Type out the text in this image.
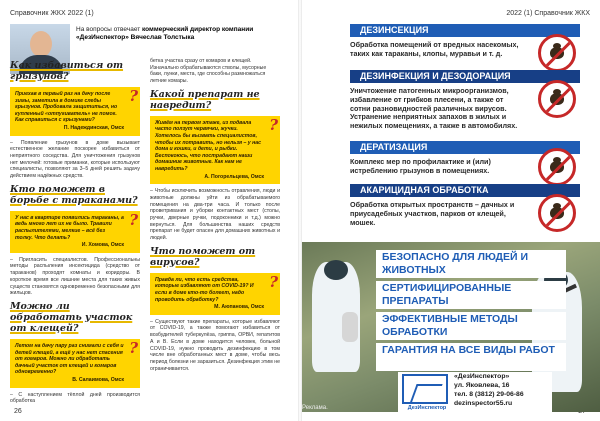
Справочник ЖКХ 2022 (1)	2022 (1) Справочник ЖКХ
26
На вопросы отвечает коммерческий директор компании «ДезИнспектор» Вячеслав Толстыка
Как избавиться от грызунов?
?
Приехав в первый раз на дачу после зимы, заметила в домике следы грызунов. Пробовала защититься, но купленный «отпугиватель» не помог. Как справиться с грызунами?
П. Надеждинская, Омск

– Появление грызунов в доме вызывает естественное желание поскорее избавиться от неприятного соседства. Для уничтожения грызунов нет мелочей: готовые приманки, которые используют специалисты, позволяют за 3–5 дней решить задачу действием надёжных средств.

Кто поможет в борьбе с тараканами?
?
У нас в квартире появились тараканы, а ведь много лет их не было. Травили распылителями, мелкие – всё без толку. Что делать?
И. Хомова, Омск

– Пригласить специалистов. Профессиональны методы распыления инсектицида (средство от тараканов) проходят комнаты и коридоры. В короткое время все лишние места для таких живых существ становятся одновременно безопасными для жильцов.

Можно ли обработать участок от клещей?
?
Летом на дачу пару раз снимали с себя и детей клещей, а ещё у нас нет спасения от комаров. Можно ли обработать дачный участок от клещей и комаров одновременно?
В. Салаимова, Омск

– С наступлением тёплой дней производится обработка

бетка участка сразу от комаров и клещей. Изначально обрабатываются стволы, мусорные баки, лунки, места, где способны размножаться летние комары.

Какой препарат не навредит?
?
Живём на первом этаже, из подвала часто ползут червячки, жучки. Хотелось бы вызвать специалистов, чтобы их потравить, но нельзя – у нас дома и кошки, и дети, и рыбки. Беспокоюсь, что пострадают наши домашние животные. Как нам не навредить?
А. Погорельцева, Омск

– Чтобы исключить возможность отравления, люди и животные должны уйти из обрабатываемого помещения на два-три часа. И только после проветривания и уборки контактных мест (столы, ручки, дверные ручки, подоконники и т.д.) можно вернуться. Для большинства наших средств препарат не будет опасен для домашних животных и людей.

Что поможет от вирусов?
?
Правда ли, что есть средства, которые избавляют от COVID-19? И если в доме кто-то болеет, надо проводить обработку?
М. Аюпанова, Омск

– Существуют такие препараты, которые избавляют от COVID-19, а также помогают избавиться от возбудителей туберкулёза, гриппа, ОРВИ, гепатитов А и В. Если в доме находится человек, больной COVID-19, нужно проводить дезинфекцию в том числе вне обработанных мест в доме, чтобы весь период болезни не заразиться. Дезинфекция этим не ограничивается.

ДЕЗИНСЕКЦИЯ
Обработка помещений от вредных насекомых, таких как тараканы, клопы, муравьи и т. д.
ДЕЗИНФЕКЦИЯ И ДЕЗОДОРАЦИЯ
Уничтожение патогенных микроорганизмов, избавление от грибков плесени, а также от сотни разновидностей различных вирусов. Устранение неприятных запахов в жилых и нежилых помещениях, а также в автомобилях.
ДЕРАТИЗАЦИЯ
Комплекс мер по профилактике и (или) истреблению грызунов в помещениях.
АКАРИЦИДНАЯ ОБРАБОТКА
Обработка открытых пространств – дачных и приусадебных участков, парков от клещей, мошек.
БЕЗОПАСНО ДЛЯ ЛЮДЕЙ И ЖИВОТНЫХ
СЕРТИФИЦИРОВАННЫЕ ПРЕПАРАТЫ
ЭФФЕКТИВНЫЕ МЕТОДЫ ОБРАБОТКИ
ГАРАНТИЯ НА ВСЕ ВИДЫ РАБОТ
ДезИнспектор
«ДезИнспектор»
ул. Яковлева, 16
тел. 8 (3812) 29-06-86
dezinspector55.ru
Реклама.
